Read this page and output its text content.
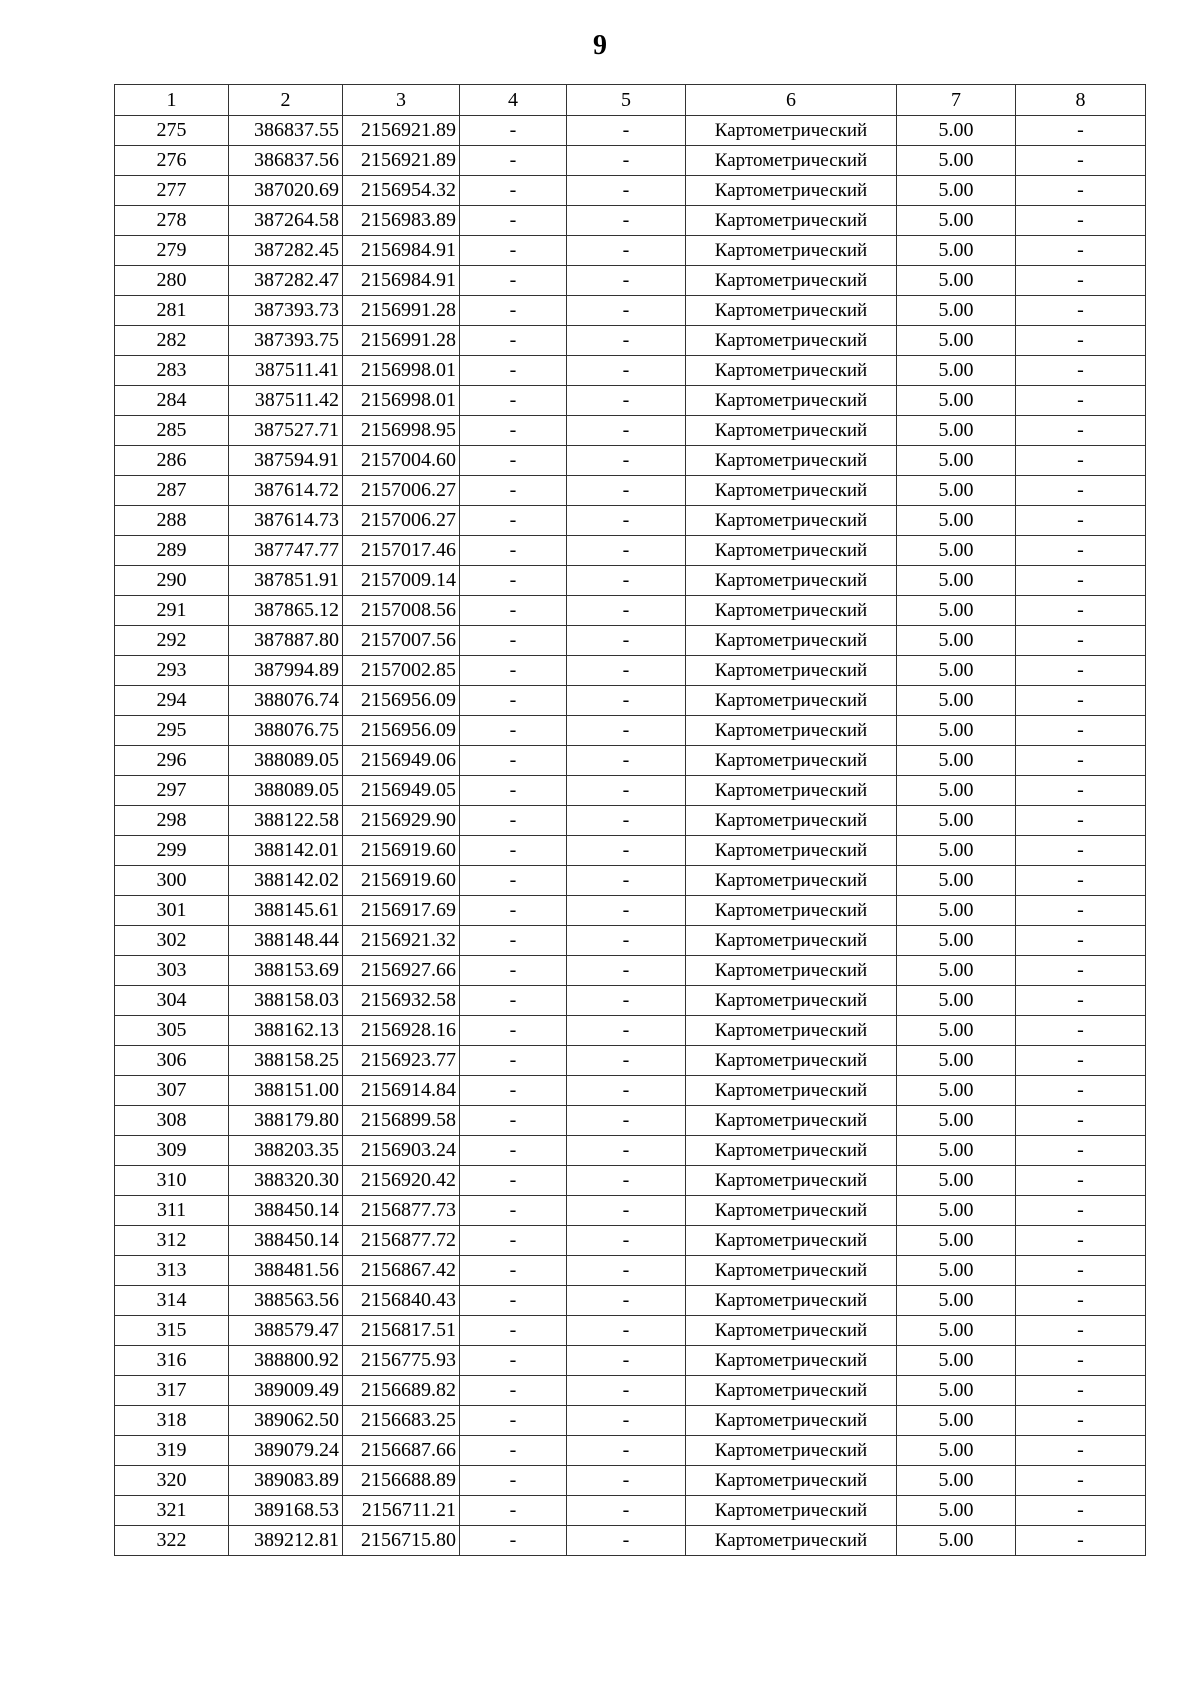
9
1	2	3	4	5	6	7	8
275	386837.55	2156921.89	-	-	Картометрический	5.00	-
276	386837.56	2156921.89	-	-	Картометрический	5.00	-
277	387020.69	2156954.32	-	-	Картометрический	5.00	-
278	387264.58	2156983.89	-	-	Картометрический	5.00	-
279	387282.45	2156984.91	-	-	Картометрический	5.00	-
280	387282.47	2156984.91	-	-	Картометрический	5.00	-
281	387393.73	2156991.28	-	-	Картометрический	5.00	-
282	387393.75	2156991.28	-	-	Картометрический	5.00	-
283	387511.41	2156998.01	-	-	Картометрический	5.00	-
284	387511.42	2156998.01	-	-	Картометрический	5.00	-
285	387527.71	2156998.95	-	-	Картометрический	5.00	-
286	387594.91	2157004.60	-	-	Картометрический	5.00	-
287	387614.72	2157006.27	-	-	Картометрический	5.00	-
288	387614.73	2157006.27	-	-	Картометрический	5.00	-
289	387747.77	2157017.46	-	-	Картометрический	5.00	-
290	387851.91	2157009.14	-	-	Картометрический	5.00	-
291	387865.12	2157008.56	-	-	Картометрический	5.00	-
292	387887.80	2157007.56	-	-	Картометрический	5.00	-
293	387994.89	2157002.85	-	-	Картометрический	5.00	-
294	388076.74	2156956.09	-	-	Картометрический	5.00	-
295	388076.75	2156956.09	-	-	Картометрический	5.00	-
296	388089.05	2156949.06	-	-	Картометрический	5.00	-
297	388089.05	2156949.05	-	-	Картометрический	5.00	-
298	388122.58	2156929.90	-	-	Картометрический	5.00	-
299	388142.01	2156919.60	-	-	Картометрический	5.00	-
300	388142.02	2156919.60	-	-	Картометрический	5.00	-
301	388145.61	2156917.69	-	-	Картометрический	5.00	-
302	388148.44	2156921.32	-	-	Картометрический	5.00	-
303	388153.69	2156927.66	-	-	Картометрический	5.00	-
304	388158.03	2156932.58	-	-	Картометрический	5.00	-
305	388162.13	2156928.16	-	-	Картометрический	5.00	-
306	388158.25	2156923.77	-	-	Картометрический	5.00	-
307	388151.00	2156914.84	-	-	Картометрический	5.00	-
308	388179.80	2156899.58	-	-	Картометрический	5.00	-
309	388203.35	2156903.24	-	-	Картометрический	5.00	-
310	388320.30	2156920.42	-	-	Картометрический	5.00	-
311	388450.14	2156877.73	-	-	Картометрический	5.00	-
312	388450.14	2156877.72	-	-	Картометрический	5.00	-
313	388481.56	2156867.42	-	-	Картометрический	5.00	-
314	388563.56	2156840.43	-	-	Картометрический	5.00	-
315	388579.47	2156817.51	-	-	Картометрический	5.00	-
316	388800.92	2156775.93	-	-	Картометрический	5.00	-
317	389009.49	2156689.82	-	-	Картометрический	5.00	-
318	389062.50	2156683.25	-	-	Картометрический	5.00	-
319	389079.24	2156687.66	-	-	Картометрический	5.00	-
320	389083.89	2156688.89	-	-	Картометрический	5.00	-
321	389168.53	2156711.21	-	-	Картометрический	5.00	-
322	389212.81	2156715.80	-	-	Картометрический	5.00	-
